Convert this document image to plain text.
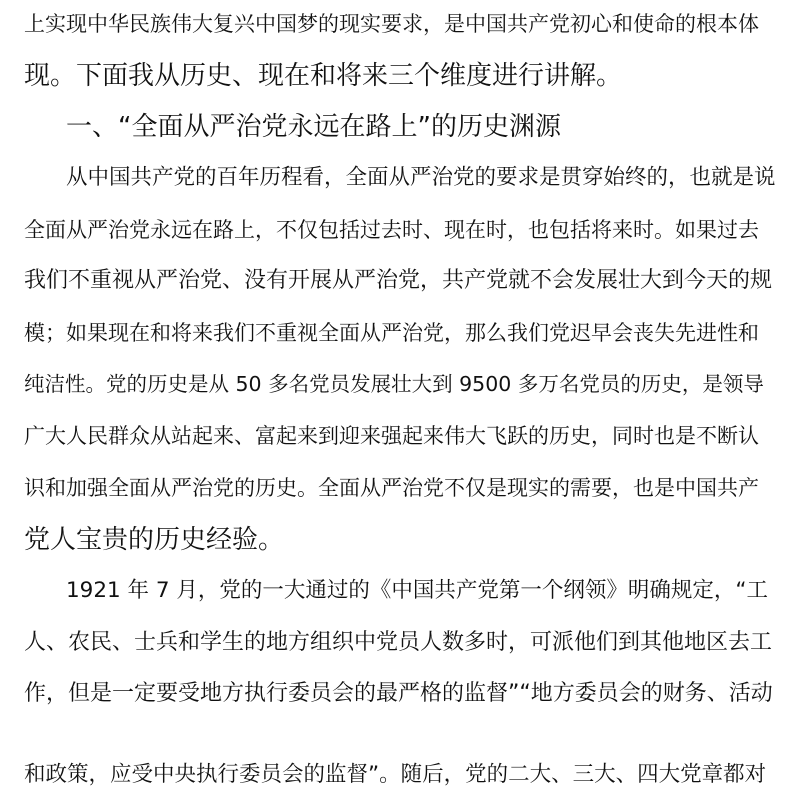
上实现中华民族伟大复兴中国梦的现实要求，是中国共产党初心和使命的根本体
现。下面我从历史、现在和将来三个维度进行讲解。
一、“全面从严治党永远在路上”的历史渊源
从中国共产党的百年历程看，全面从严治党的要求是贯穿始终的，也就是说
全面从严治党永远在路上，不仅包括过去时、现在时，也包括将来时。如果过去
我们不重视从严治党、没有开展从严治党，共产党就不会发展壮大到今天的规
模；如果现在和将来我们不重视全面从严治党，那么我们党迟早会丧失先进性和
纯洁性。党的历史是从 50 多名党员发展壮大到 9500 多万名党员的历史，是领导
广大人民群众从站起来、富起来到迎来强起来伟大飞跃的历史，同时也是不断认
识和加强全面从严治党的历史。全面从严治党不仅是现实的需要，也是中国共产
党人宝贵的历史经验。
1921 年 7 月，党的一大通过的《中国共产党第一个纲领》明确规定，“工
人、农民、士兵和学生的地方组织中党员人数多时，可派他们到其他地区去工
作，但是一定要受地方执行委员会的最严格的监督”“地方委员会的财务、活动
和政策，应受中央执行委员会的监督”。随后，党的二大、三大、四大党章都对
